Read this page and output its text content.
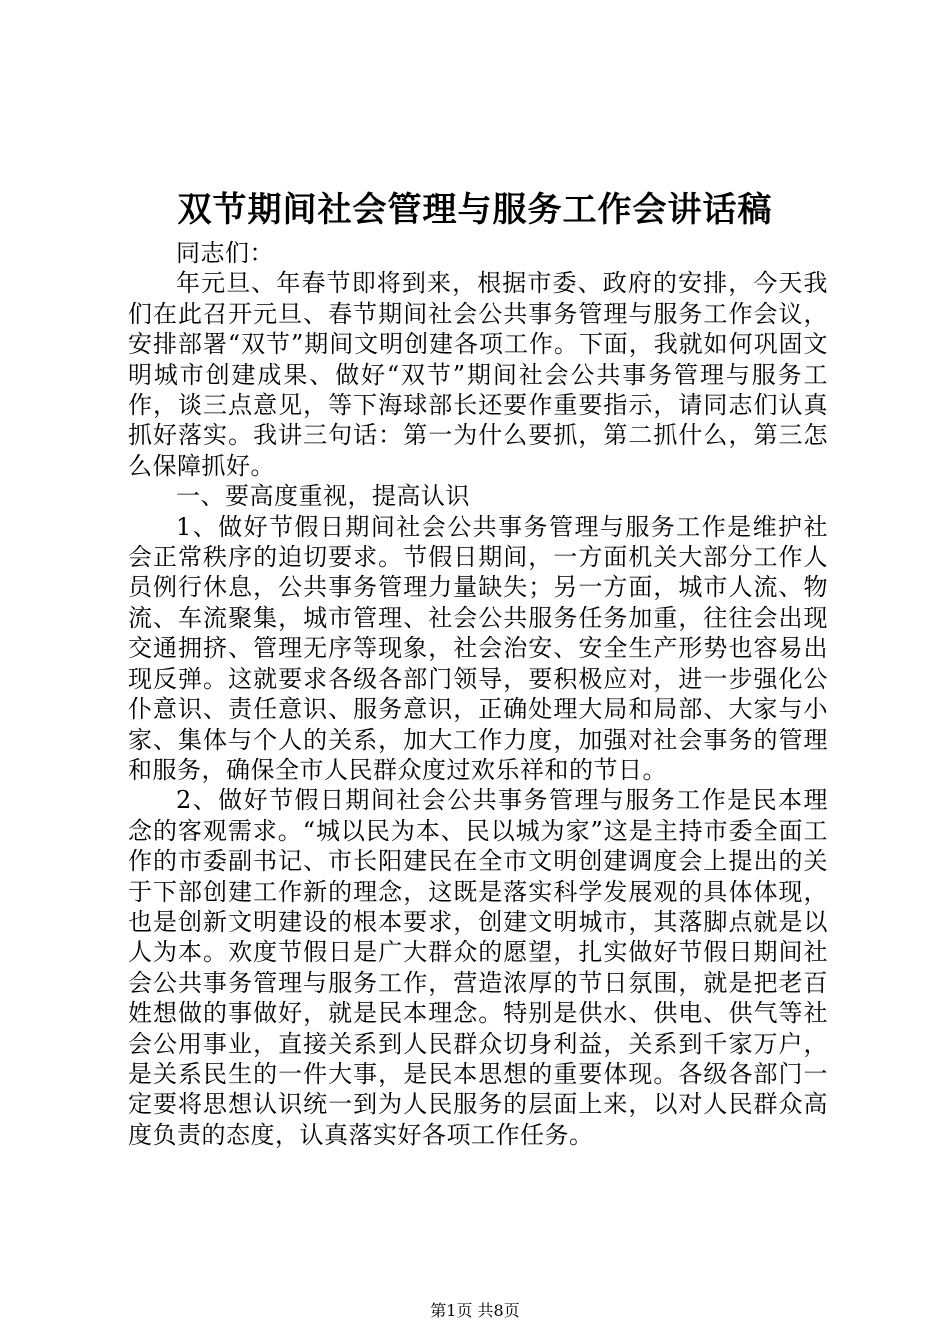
双节期间社会管理与服务工作会讲话稿

同志们：

年元旦、年春节即将到来，根据市委、政府的安排，今天我们在此召开元旦、春节期间社会公共事务管理与服务工作会议，安排部署“双节”期间文明创建各项工作。下面，我就如何巩固文明城市创建成果、做好“双节”期间社会公共事务管理与服务工作，谈三点意见，等下海球部长还要作重要指示，请同志们认真抓好落实。我讲三句话：第一为什么要抓，第二抓什么，第三怎么保障抓好。

一、要高度重视，提高认识

1、做好节假日期间社会公共事务管理与服务工作是维护社会正常秩序的迫切要求。节假日期间，一方面机关大部分工作人员例行休息，公共事务管理力量缺失；另一方面，城市人流、物流、车流聚集，城市管理、社会公共服务任务加重，往往会出现交通拥挤、管理无序等现象，社会治安、安全生产形势也容易出现反弹。这就要求各级各部门领导，要积极应对，进一步强化公仆意识、责任意识、服务意识，正确处理大局和局部、大家与小家、集体与个人的关系，加大工作力度，加强对社会事务的管理和服务，确保全市人民群众度过欢乐祥和的节日。

2、做好节假日期间社会公共事务管理与服务工作是民本理念的客观需求。“城以民为本、民以城为家”这是主持市委全面工作的市委副书记、市长阳建民在全市文明创建调度会上提出的关于下部创建工作新的理念，这既是落实科学发展观的具体体现，也是创新文明建设的根本要求，创建文明城市，其落脚点就是以人为本。欢度节假日是广大群众的愿望，扎实做好节假日期间社会公共事务管理与服务工作，营造浓厚的节日氛围，就是把老百姓想做的事做好，就是民本理念。特别是供水、供电、供气等社会公用事业，直接关系到人民群众切身利益，关系到千家万户，是关系民生的一件大事，是民本思想的重要体现。各级各部门一定要将思想认识统一到为人民服务的层面上来，以对人民群众高度负责的态度，认真落实好各项工作任务。

第1页 共8页
